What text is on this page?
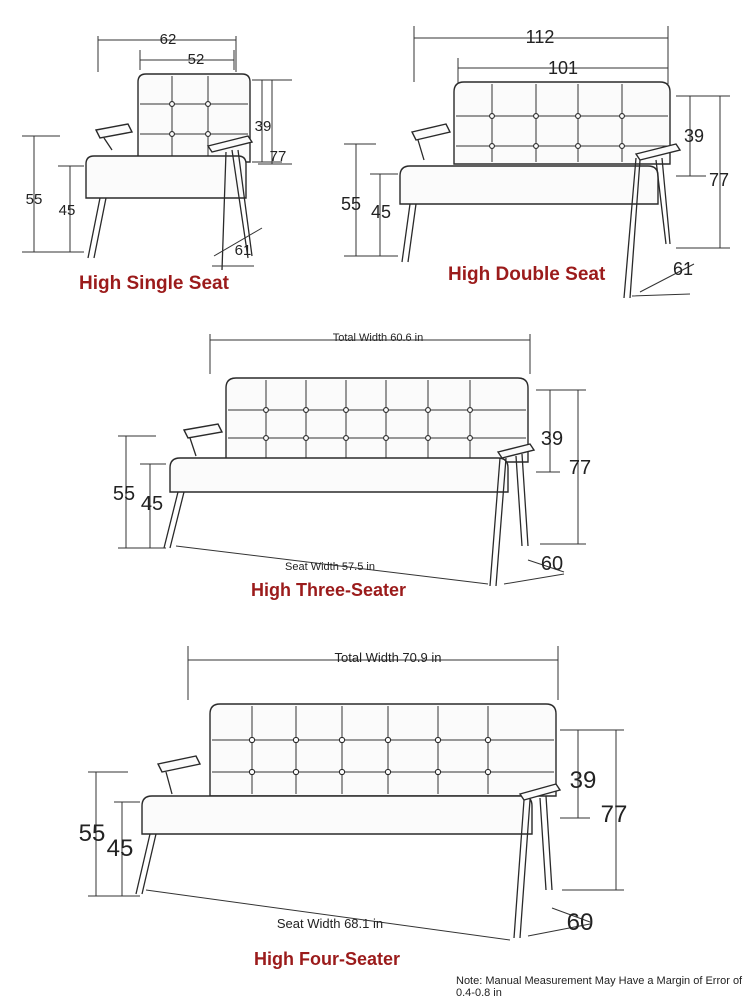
62
52
39
77
55
45
61
112
101
39
77
55 45
61
Total Width 60.6 in
Seat Width 57.5 in
39
77
55 45
60
Total Width 70.9 in
Seat Width 68.1 in
39
77
55
45
60
High Single Seat	High Double Seat
High Three-Seater
High Four-Seater
Note: Manual Measurement May Have a Margin of Error of 0.4-0.8 in
